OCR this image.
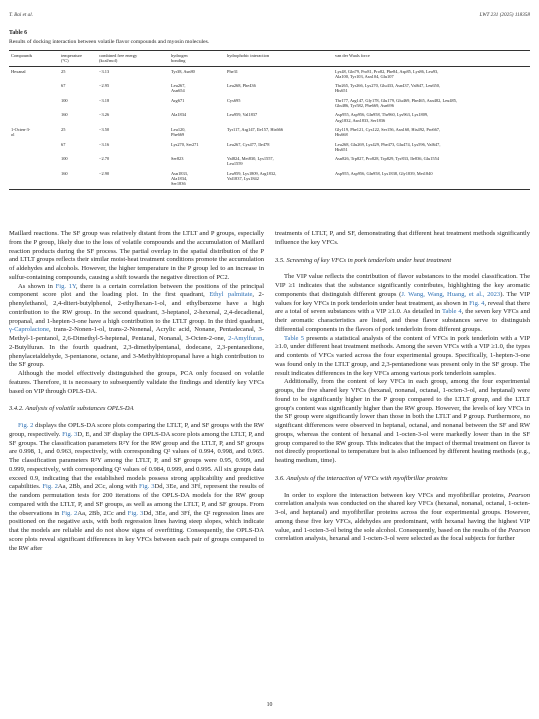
T. Bai et al.	LWT 231 (2025) 118358
Table 6
Results of docking interaction between volatile flavor compounds and myosin molecules.
Compounds	temperature
(°C)	combined free energy
(kcal/mol)	hydrogen
bonding	hydrophobic interaction	van der Waals force
Hexanal	25	−3.13	Tyr38, Asn80	Phe31	Lys48, Gln79, Pro81, Pro82, Phe84, Asp85, Lys86, Leu93,
Ala100, Tyr103, Asn104, Glu107
	67	−2.95	Leu267,
Asn654	Leu268, Phe436	Thr265, Tyr266, Lys270, Glu433, Asn437, Val647, Leu650,
His651
	100	−3.18	Arg671	Cys695	Thr177, Arg147, Gly178, Glu179, Glu469, Phe465, Asn482, Leu485,
Gln486, Tyr582, Phe669, Asn696
	160	−3.26	Ala1834	Leu959, Val1837	Asp955, Asp956, Gln958, Thr960, Lys963, Lys1809,
Arg1832, Asn1833, Ser1836
1-Octen-3-
ol	25	−3.50	Leu120,
Phe669	Tyr117, Arg147, Ile157, His666	Gly119, Phe121, Cys122, Ser156, Asn160, His492, Pro667,
His668
	67	−3.16	Lys270, Ser271	Leu267, Cys477, Ile478	Leu268, Glu269, Lys429, Phe473, Glu474, Lys596, Val647,
His651
	100	−2.70	Ser823	Val824, Met830, Lys1557,
Leu1559	Asn826, Trp827, Pro828, Trp829, Tyr833, Ile836, Glu1554
	160	−2.90	Asn1833,
Ala1834,
Ser1836	Leu959, Lys1809, Arg1832,
Val1837, Lys1842	Asp955, Asp956, Gln958, Lys1838, Gly1839, Met1840

Maillard reactions. The SF group was relatively distant from the LTLT and P groups, especially from the P group, likely due to the loss of volatile compounds and the accumulation of Maillard reaction products during the SF process. The partial overlap in the spatial distribution of the P and LTLT groups reflects their similar moist-heat treatment conditions promote the accumulation of aldehydes and alcohols. However, the higher temperature in the P group led to an increase in sulfur-containing compounds, causing a shift towards the negative direction of PC2.

As shown in Fig. 1Y, there is a certain correlation between the positions of the principal component score plot and the loading plot. In the first quadrant, Ethyl palmitate, 2-phenylethanol, 2,4-ditert-butylphenol, 2-ethylhexan-1-ol, and ethylbenzene have a high contribution to the RW group. In the second quadrant, 3-heptanol, 2-hexenal, 2,4-decadienal, propanal, and 1-hepten-3-one have a high contribution to the LTLT group. In the third quadrant, γ-Caprolactone, trans-2-Nonen-1-ol, trans-2-Nonenal, Acrylic acid, Nonane, Pentadecanal, 3-Methyl-1-pentanol, 2,6-Dimethyl-5-heptenal, Pentanal, Nonanal, 3-Octen-2-one, 2-Amylfuran, 2-Butylfuran. In the fourth quadrant, 2,3-dimethylpentanal, dodecane, 2,3-pentanedione, phenylacetaldehyde, 3-pentanone, octane, and 3-Methylthiopropanal have a high contribution to the SF group.

Although the model effectively distinguished the groups, PCA only focused on volatile features. Therefore, it is necessary to subsequently validate the findings and identify key VFCs based on VIP through OPLS-DA.

3.4.2. Analysis of volatile substances OPLS-DA

Fig. 2 displays the OPLS-DA score plots comparing the LTLT, P, and SF groups with the RW group, respectively. Fig. 3D, E, and 3F display the OPLS-DA score plots among the LTLT, P, and SF groups. The classification parameters R²Y for the RW group and the LTLT, P, and SF groups are 0.998, 1, and 0.963, respectively, with corresponding Q² values of 0.994, 0.998, and 0.965. The classification parameters R²Y among the LTLT, P, and SF groups were 0.95, 0.999, and 0.999, respectively, with corresponding Q² values of 0.984, 0.999, and 0.995. All six groups data exceed 0.9, indicating that the established models possess strong applicability and predictive capabilities. Fig. 2Aa, 2Bb, and 2Cc, along with Fig. 3Dd, 3Ee, and 3Ff, represent the results of the random permutation tests for 200 iterations of the OPLS-DA models for the RW group compared with the LTLT, P, and SF groups, as well as among the LTLT, P, and SF groups. From the observations in Fig. 2Aa, 2Bb, 2Cc and Fig. 3Dd, 3Ee, and 3Ff, the Q² regression lines are positioned on the negative axis, with both regression lines having steep slopes, which indicate that the models are reliable and do not show signs of overfitting. Consequently, the OPLS-DA score plots reveal significant differences in key VFCs between each pair of groups compared to the RW after

treatments of LTLT, P, and SF, demonstrating that different heat treatment methods significantly influence the key VFCs.

3.5. Screening of key VFCs in pork tenderloin under heat treatment

The VIP value reflects the contribution of flavor substances to the model classification. The VIP ≥1 indicates that the substance significantly contributes, highlighting the key aromatic components that distinguish different groups (J. Wang, Wang, Huang, et al., 2023). The VIP values for key VFCs in pork tenderloin under heat treatment, as shown in Fig. 4, reveal that there are a total of seven substances with a VIP ≥1.0. As detailed in Table 4, the seven key VFCs and their aromatic characteristics are listed, and these flavor substances serve to distinguish differential components in the flavors of pork tenderloin from different groups.

Table 5 presents a statistical analysis of the content of VFCs in pork tenderloin with a VIP ≥1.0, under different heat treatment methods. Among the seven VFCs with a VIP ≥1.0, the types and contents of VFCs varied across the four experimental groups. Specifically, 1-hepten-3-one was found only in the LTLT group, and 2,3-pentanedione was present only in the SF group. The result indicates differences in the key VFCs among various pork tenderloin samples.

Additionally, from the content of key VFCs in each group, among the four experimental groups, the five shared key VFCs (hexanal, nonanal, octanal, 1-octen-3-ol, and heptanal) were found to be significantly higher in the P group compared to the LTLT group, and the LTLT group's content was significantly higher than the RW group. However, the levels of key VFCs in the SF group were significantly lower than those in both the LTLT and P group. Furthermore, no significant differences were observed in heptanal, octanal, and nonanal between the SF and RW groups, whereas the content of hexanal and 1-octen-3-ol were markedly lower than in the SF group compared to the RW group. This indicates that the impact of thermal treatment on flavor is not directly proportional to temperature but is also influenced by different heating methods (e.g., heating medium, time).

3.6. Analysis of the interaction of VFCs with myofibrillar proteins

In order to explore the interaction between key VFCs and myofibrillar proteins, Pearson correlation analysis was conducted on the shared key VFCs (hexanal, nonanal, octanal, 1-octen-3-ol, and heptanal) and myofibrillar proteins across the four experimental groups. However, among these five key VFCs, aldehydes are predominant, with hexanal having the highest VIP value, and 1-octen-3-ol being the sole alcohol. Consequently, based on the results of the Pearson correlation analysis, hexanal and 1-octen-3-ol were selected as the focal subjects for further

10
